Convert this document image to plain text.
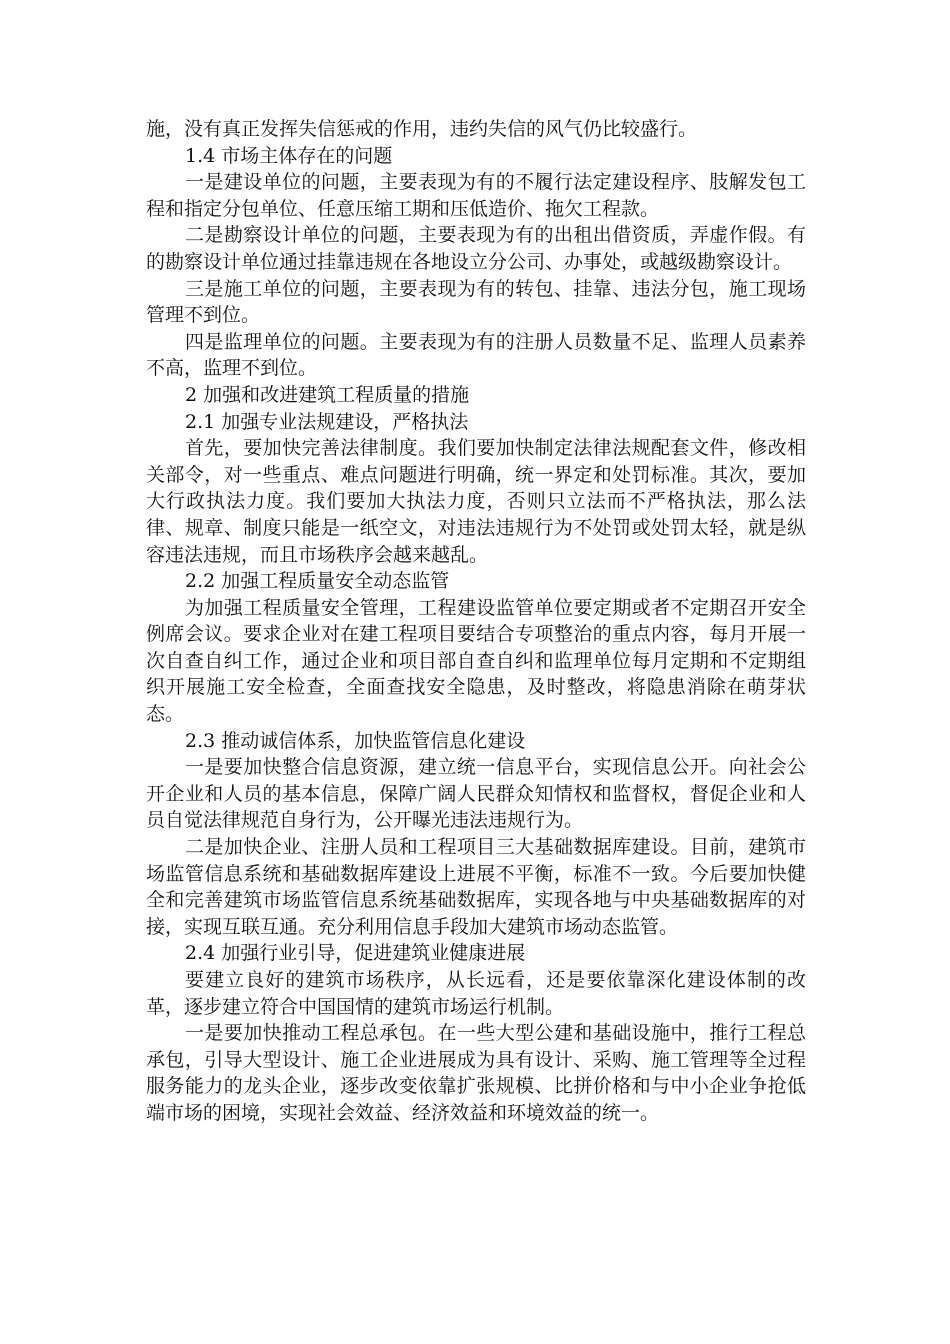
施，没有真正发挥失信惩戒的作用，违约失信的风气仍比较盛行。

1.4 市场主体存在的问题

一是建设单位的问题，主要表现为有的不履行法定建设程序、肢解发包工程和指定分包单位、任意压缩工期和压低造价、拖欠工程款。

二是勘察设计单位的问题，主要表现为有的出租出借资质，弄虚作假。有的勘察设计单位通过挂靠违规在各地设立分公司、办事处，或越级勘察设计。

三是施工单位的问题，主要表现为有的转包、挂靠、违法分包，施工现场管理不到位。

四是监理单位的问题。主要表现为有的注册人员数量不足、监理人员素养不高，监理不到位。

2 加强和改进建筑工程质量的措施

2.1 加强专业法规建设，严格执法

首先，要加快完善法律制度。我们要加快制定法律法规配套文件，修改相关部令，对一些重点、难点问题进行明确，统一界定和处罚标准。其次，要加大行政执法力度。我们要加大执法力度，否则只立法而不严格执法，那么法律、规章、制度只能是一纸空文，对违法违规行为不处罚或处罚太轻，就是纵容违法违规，而且市场秩序会越来越乱。

2.2 加强工程质量安全动态监管

为加强工程质量安全管理，工程建设监管单位要定期或者不定期召开安全例席会议。要求企业对在建工程项目要结合专项整治的重点内容，每月开展一次自查自纠工作，通过企业和项目部自查自纠和监理单位每月定期和不定期组织开展施工安全检查，全面查找安全隐患，及时整改，将隐患消除在萌芽状态。

2.3 推动诚信体系，加快监管信息化建设

一是要加快整合信息资源，建立统一信息平台，实现信息公开。向社会公开企业和人员的基本信息，保障广阔人民群众知情权和监督权，督促企业和人员自觉法律规范自身行为，公开曝光违法违规行为。

二是加快企业、注册人员和工程项目三大基础数据库建设。目前，建筑市场监管信息系统和基础数据库建设上进展不平衡，标准不一致。今后要加快健全和完善建筑市场监管信息系统基础数据库，实现各地与中央基础数据库的对接，实现互联互通。充分利用信息手段加大建筑市场动态监管。

2.4 加强行业引导，促进建筑业健康进展

要建立良好的建筑市场秩序，从长远看，还是要依靠深化建设体制的改革，逐步建立符合中国国情的建筑市场运行机制。

一是要加快推动工程总承包。在一些大型公建和基础设施中，推行工程总承包，引导大型设计、施工企业进展成为具有设计、采购、施工管理等全过程服务能力的龙头企业，逐步改变依靠扩张规模、比拼价格和与中小企业争抢低端市场的困境，实现社会效益、经济效益和环境效益的统一。
